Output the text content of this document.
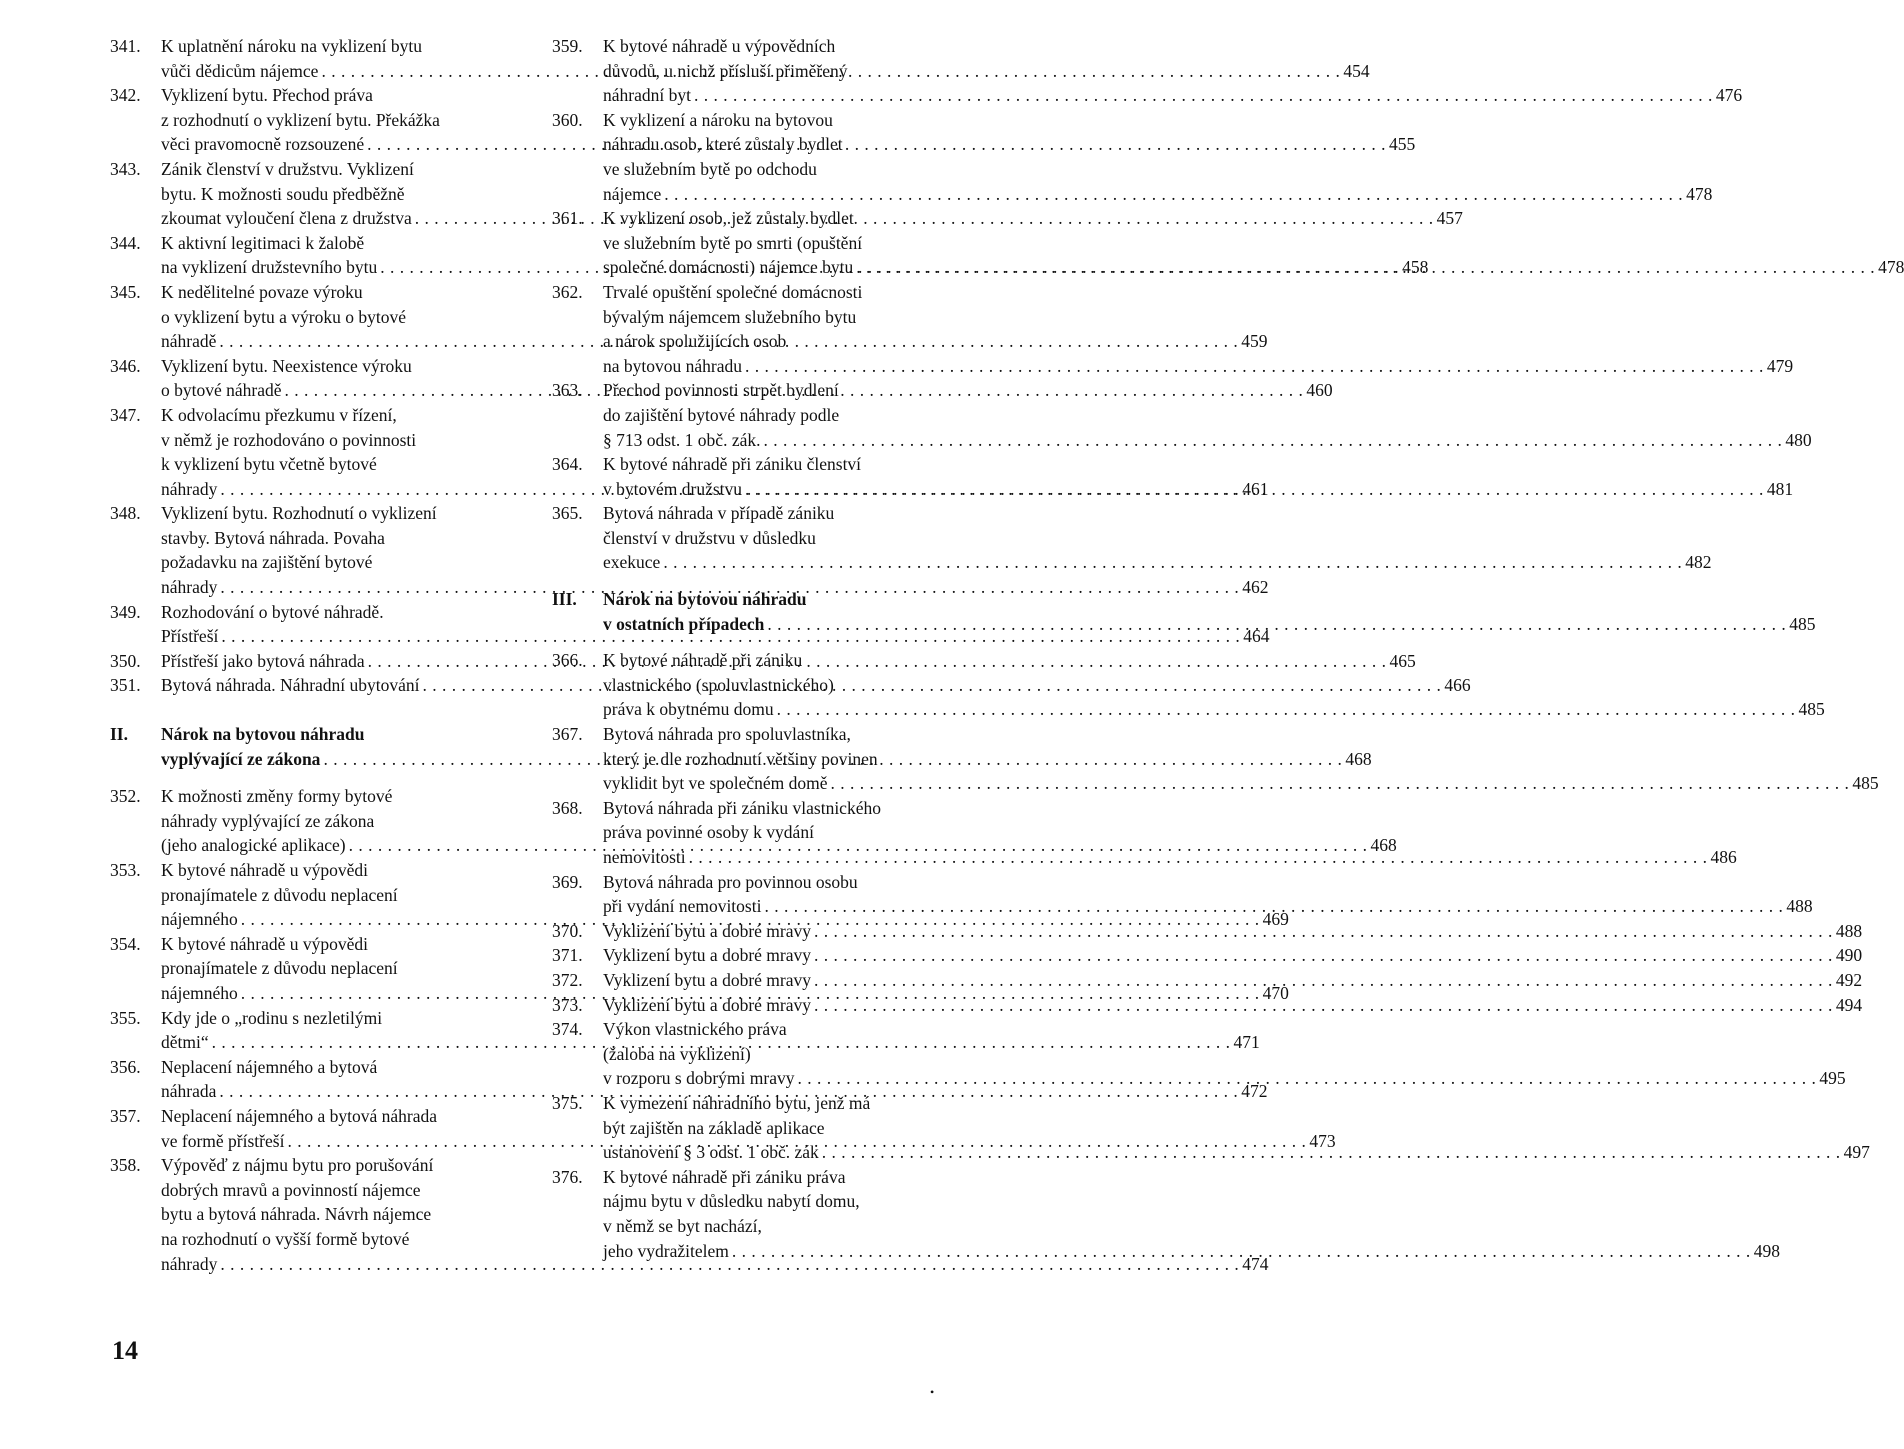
341.	K uplatnění nároku na vyklizení bytu
vůči dědicům nájemce . . .	454
342.	Vyklizení bytu. Přechod práva
z rozhodnutí o vyklizení bytu. Překážka
věci pravomocně rozsouzené . . .	455
343.	Zánik členství v družstvu. Vyklizení
bytu. K možnosti soudu předběžně
zkoumat vyloučení člena z družstva . . .	457
344.	K aktivní legitimaci k žalobě
na vyklizení družstevního bytu . . .	458
345.	K nedělitelné povaze výroku
o vyklizení bytu a výroku o bytové
náhradě . . .	459
346.	Vyklizení bytu. Neexistence výroku
o bytové náhradě . . .	460
347.	K odvolacímu přezkumu v řízení,
v němž je rozhodováno o povinnosti
k vyklizení bytu včetně bytové
náhrady . . .	461
348.	Vyklizení bytu. Rozhodnutí o vyklizení
stavby. Bytová náhrada. Povaha
požadavku na zajištění bytové
náhrady . . .	462
349.	Rozhodování o bytové náhradě.
Přístřeší . . .	464
350.	Přístřeší jako bytová náhrada . . .	465
351.	Bytová náhrada. Náhradní ubytování . . .	466
II.	Nárok na bytovou náhradu
vyplývající ze zákona . . .	468
352.	K možnosti změny formy bytové
náhrady vyplývající ze zákona
(jeho analogické aplikace) . . .	468
353.	K bytové náhradě u výpovědi
pronajímatele z důvodu neplacení
nájemného . . .	469
354.	K bytové náhradě u výpovědi
pronajímatele z důvodu neplacení
nájemného . . .	470
355.	Kdy jde o „rodinu s nezletilými
dětmi“ . . .	471
356.	Neplacení nájemného a bytová
náhrada . . .	472
357.	Neplacení nájemného a bytová náhrada
ve formě přístřeší . . .	473
358.	Výpověď z nájmu bytu pro porušování
dobrých mravů a povinností nájemce
bytu a bytová náhrada. Návrh nájemce
na rozhodnutí o vyšší formě bytové
náhrady . . .	474
359.	K bytové náhradě u výpovědních
důvodů, u nichž přísluší přiměřený
náhradní byt . . .	476
360.	K vyklizení a nároku na bytovou
náhradu osob, které zůstaly bydlet
ve služebním bytě po odchodu
nájemce . . .	478
361.	K vyklizení osob, jež zůstaly bydlet
ve služebním bytě po smrti (opuštění
společné domácnosti) nájemce bytu . . .	478
362.	Trvalé opuštění společné domácnosti
bývalým nájemcem služebního bytu
a nárok spolužijících osob
na bytovou náhradu . . .	479
363.	Přechod povinnosti strpět bydlení
do zajištění bytové náhrady podle
§ 713 odst. 1 obč. zák. . . .	480
364.	K bytové náhradě při zániku členství
v bytovém družstvu . . .	481
365.	Bytová náhrada v případě zániku
členství v družstvu v důsledku
exekuce . . .	482
III.	Nárok na bytovou náhradu
v ostatních případech . . .	485
366.	K bytové náhradě při zániku
vlastnického (spoluvlastnického)
práva k obytnému domu . . .	485
367.	Bytová náhrada pro spoluvlastníka,
který je dle rozhodnutí většiny povinen
vyklidit byt ve společném domě . . .	485
368.	Bytová náhrada při zániku vlastnického
práva povinné osoby k vydání
nemovitosti . . .	486
369.	Bytová náhrada pro povinnou osobu
při vydání nemovitosti . . .	488
370.	Vyklizení bytu a dobré mravy . . .	488
371.	Vyklizení bytu a dobré mravy . . .	490
372.	Vyklizení bytu a dobré mravy . . .	492
373.	Vyklizení bytu a dobré mravy . . .	494
374.	Výkon vlastnického práva
(žaloba na vyklizení)
v rozporu s dobrými mravy . . .	495
375.	K vymezení náhradního bytu, jenž má
být zajištěn na základě aplikace
ustanovení § 3 odst. 1 obč. zák . . .	497
376.	K bytové náhradě při zániku práva
nájmu bytu v důsledku nabytí domu,
v němž se byt nachází,
jeho vydražitelem . . .	498
14
•
